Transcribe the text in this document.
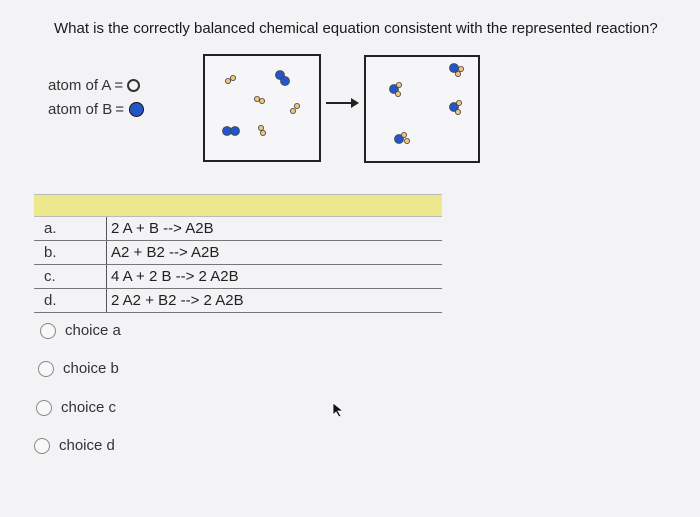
What is the correctly balanced chemical equation consistent with the represented reaction?
atom of A =
atom of B =
a.	2 A + B --> A2B
b.	A2 + B2 --> A2B
c.	4 A + 2 B --> 2 A2B
d.	2 A2 + B2 --> 2 A2B
choice a
choice b
choice c
choice d
